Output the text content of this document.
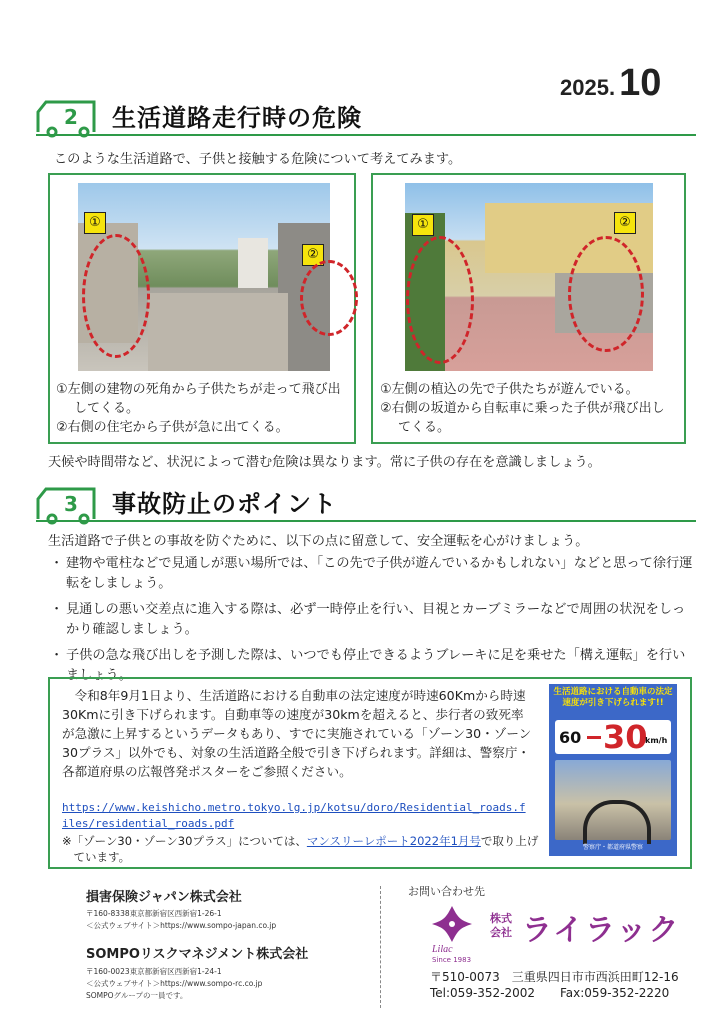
2025. 10
2 生活道路走行時の危険
このような生活道路で、子供と接触する危険について考えてみます。
①
②
①左側の建物の死角から子供たちが走って飛び出してくる。
②右側の住宅から子供が急に出てくる。
①	②
①左側の植込の先で子供たちが遊んでいる。
②右側の坂道から自転車に乗った子供が飛び出してくる。
天候や時間帯など、状況によって潜む危険は異なります。常に子供の存在を意識しましょう。
3 事故防止のポイント
生活道路で子供との事故を防ぐために、以下の点に留意して、安全運転を心がけましょう。
・ 建物や電柱などで見通しが悪い場所では、「この先で子供が遊んでいるかもしれない」などと思って徐行運転をしましょう。
・ 見通しの悪い交差点に進入する際は、必ず一時停止を行い、目視とカーブミラーなどで周囲の状況をしっかり確認しましょう。
・ 子供の急な飛び出しを予測した際は、いつでも停止できるようブレーキに足を乗せた「構え運転」を行いましょう。
令和8年9月1日より、生活道路における自動車の法定速度が時速60Kmから時速30Kmに引き下げられます。自動車等の速度が30kmを超えると、歩行者の致死率が急激に上昇するというデータもあり、すでに実施されている「ゾーン30・ゾーン30プラス」以外でも、対象の生活道路全般で引き下げられます。詳細は、警察庁・各都道府県の広報啓発ポスターをご参照ください。
https://www.keishicho.metro.tokyo.lg.jp/kotsu/doro/Residential_roads.files/residential_roads.pdf
※「ゾーン30・ゾーン30プラス」については、マンスリーレポート2022年1月号で取り上げています。
生活道路における自動車の法定速度が引き下げられます!!
60 30
km/h
警察庁・都道府県警察
損害保険ジャパン株式会社
〒160-8338東京都新宿区西新宿1-26-1
＜公式ウェブサイト＞https://www.sompo-japan.co.jp
SOMPOリスクマネジメント株式会社
〒160-0023東京都新宿区西新宿1-24-1
＜公式ウェブサイト＞https://www.sompo-rc.co.jp
SOMPOグループの一員です。
お問い合わせ先
Lilac
Since 1983
株式
会社 ライラック
〒510-0073　三重県四日市市西浜田町12-16
Tel:059-352-2002 Fax:059-352-2220
